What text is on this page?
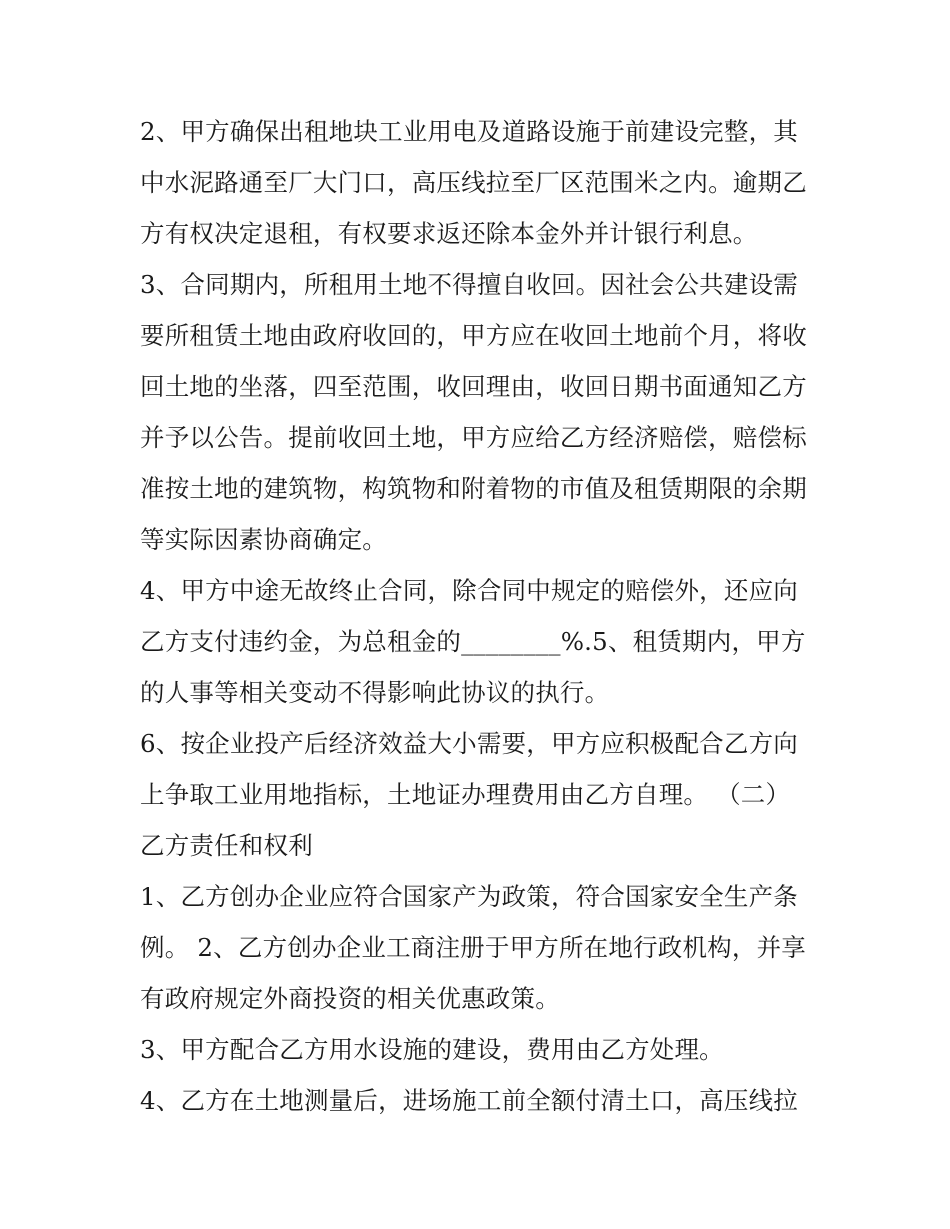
2、甲方确保出租地块工业用电及道路设施于前建设完整，其
中水泥路通至厂大门口，高压线拉至厂区范围米之内。逾期乙
方有权决定退租，有权要求返还除本金外并计银行利息。
3、合同期内，所租用土地不得擅自收回。因社会公共建设需
要所租赁土地由政府收回的，甲方应在收回土地前个月，将收
回土地的坐落，四至范围，收回理由，收回日期书面通知乙方
并予以公告。提前收回土地，甲方应给乙方经济赔偿，赔偿标
准按土地的建筑物，构筑物和附着物的市值及租赁期限的余期
等实际因素协商确定。
4、甲方中途无故终止合同，除合同中规定的赔偿外，还应向
乙方支付违约金，为总租金的________%.5、租赁期内，甲方
的人事等相关变动不得影响此协议的执行。
6、按企业投产后经济效益大小需要，甲方应积极配合乙方向
上争取工业用地指标，土地证办理费用由乙方自理。 （二）
乙方责任和权利
1、乙方创办企业应符合国家产为政策，符合国家安全生产条
例。 2、乙方创办企业工商注册于甲方所在地行政机构，并享
有政府规定外商投资的相关优惠政策。
3、甲方配合乙方用水设施的建设，费用由乙方处理。
4、乙方在土地测量后，进场施工前全额付清土口，高压线拉
